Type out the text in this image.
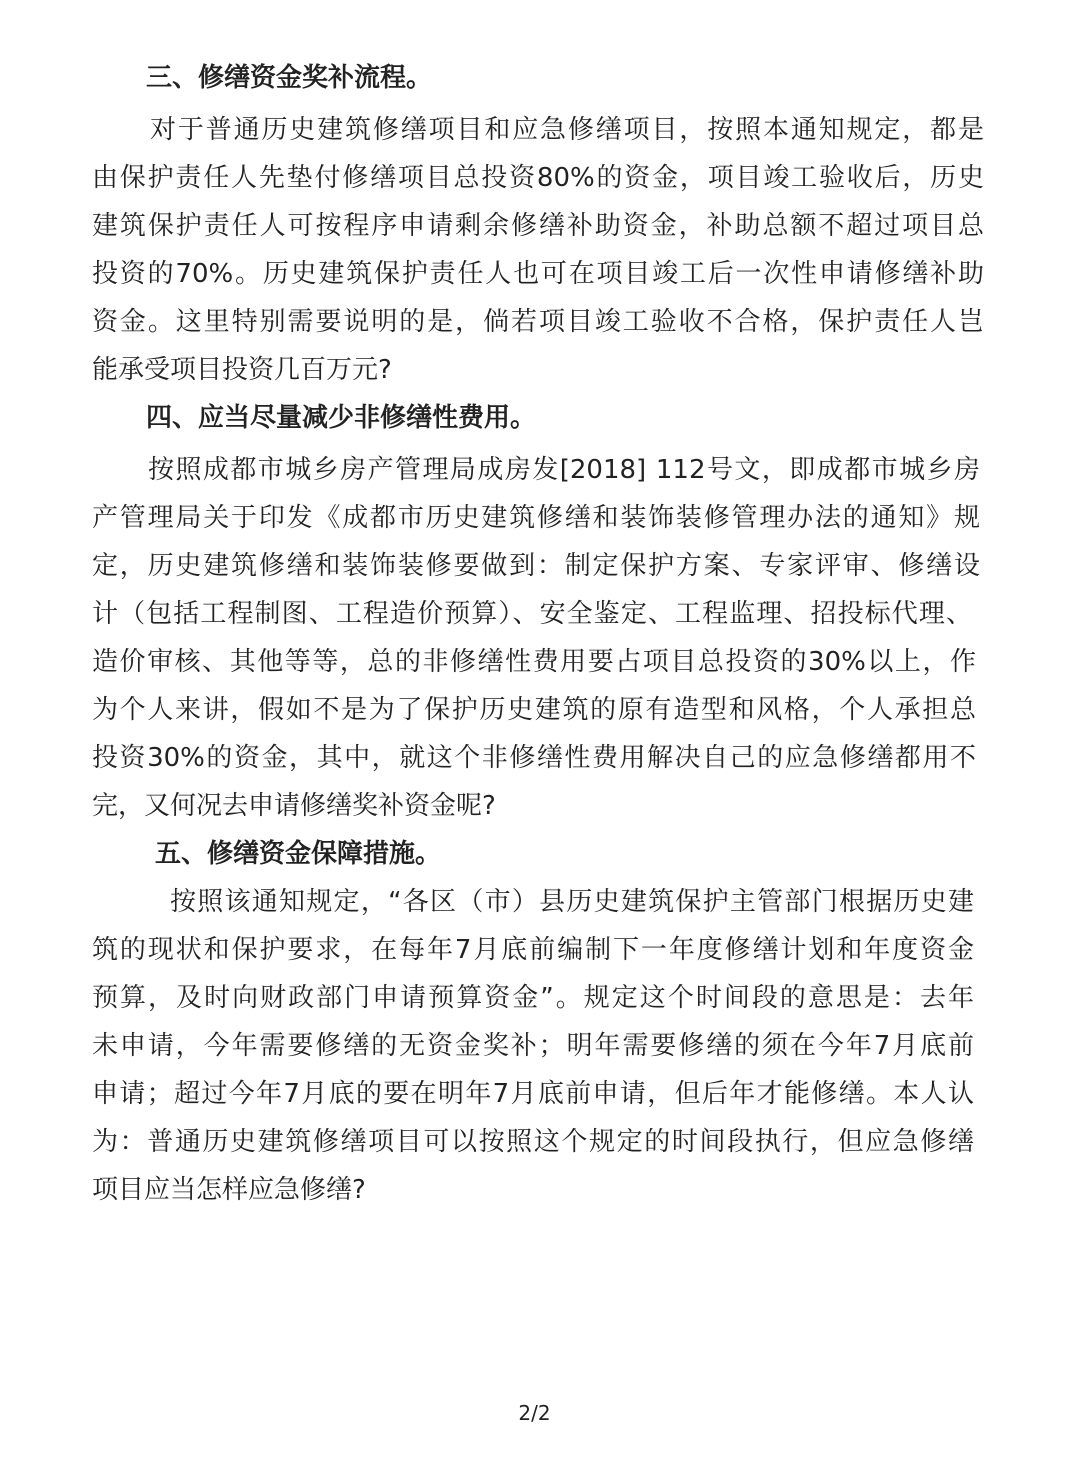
三、修缮资金奖补流程。
对于普通历史建筑修缮项目和应急修缮项目，按照本通知规定，都是
由保护责任人先垫付修缮项目总投资80%的资金，项目竣工验收后，历史
建筑保护责任人可按程序申请剩余修缮补助资金，补助总额不超过项目总
投资的70%。历史建筑保护责任人也可在项目竣工后一次性申请修缮补助
资金。这里特别需要说明的是，倘若项目竣工验收不合格，保护责任人岂
能承受项目投资几百万元?
四、应当尽量减少非修缮性费用。
按照成都市城乡房产管理局成房发[2018] 112号文，即成都市城乡房
产管理局关于印发《成都市历史建筑修缮和装饰装修管理办法的通知》规
定，历史建筑修缮和装饰装修要做到：制定保护方案、专家评审、修缮设
计（包括工程制图、工程造价预算）、安全鉴定、工程监理、招投标代理、
造价审核、其他等等，总的非修缮性费用要占项目总投资的30%以上，作
为个人来讲，假如不是为了保护历史建筑的原有造型和风格，个人承担总
投资30%的资金，其中，就这个非修缮性费用解决自己的应急修缮都用不
完，又何况去申请修缮奖补资金呢?
五、修缮资金保障措施。
按照该通知规定，“各区（市）县历史建筑保护主管部门根据历史建
筑的现状和保护要求，在每年7月底前编制下一年度修缮计划和年度资金
预算，及时向财政部门申请预算资金”。规定这个时间段的意思是：去年
未申请，今年需要修缮的无资金奖补；明年需要修缮的须在今年7月底前
申请；超过今年7月底的要在明年7月底前申请，但后年才能修缮。本人认
为：普通历史建筑修缮项目可以按照这个规定的时间段执行，但应急修缮
项目应当怎样应急修缮?
2/2
